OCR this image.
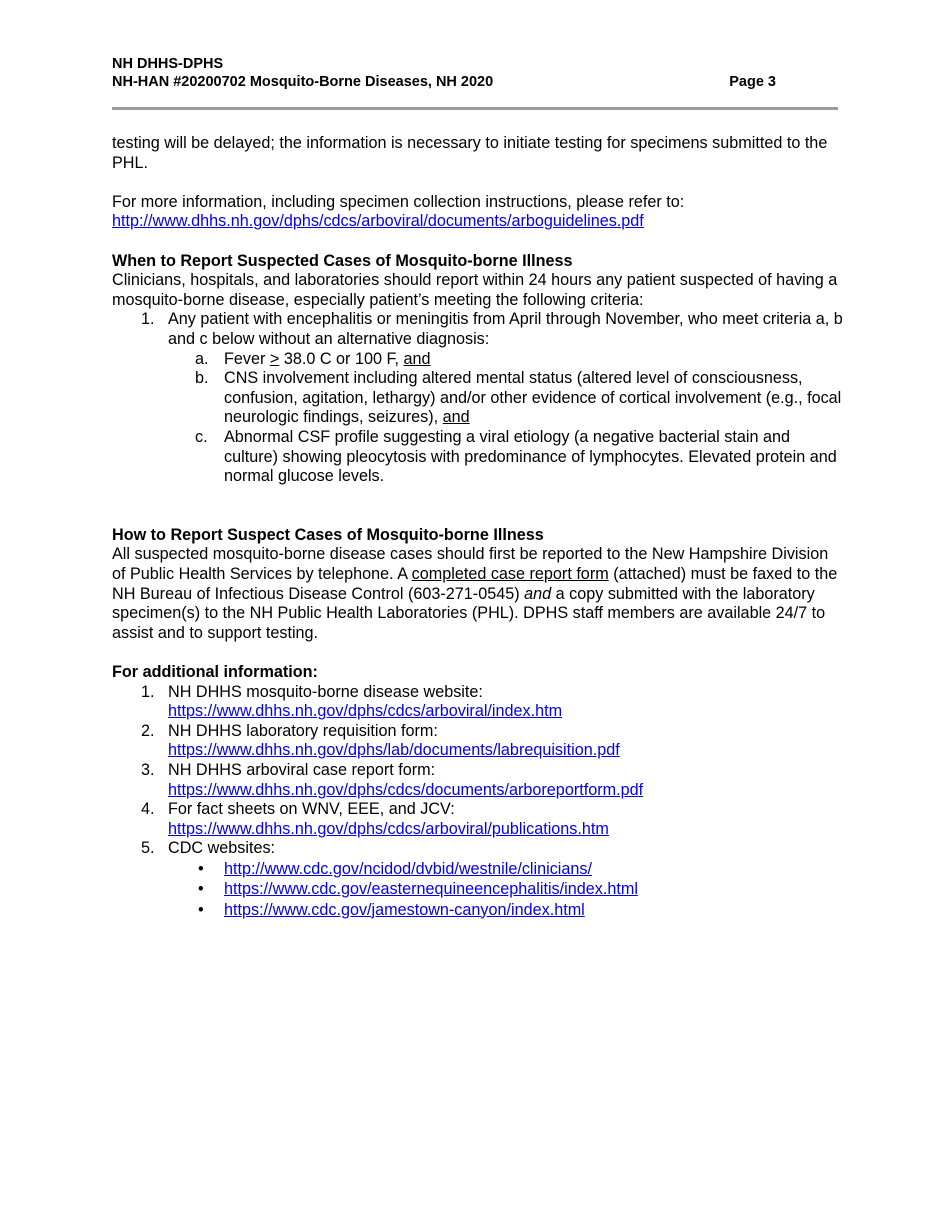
NH DHHS-DPHS
NH-HAN #20200702 Mosquito-Borne Diseases, NH 2020	Page 3

testing will be delayed; the information is necessary to initiate testing for specimens submitted to the PHL.

For more information, including specimen collection instructions, please refer to:

http://www.dhhs.nh.gov/dphs/cdcs/arboviral/documents/arboguidelines.pdf

When to Report Suspected Cases of Mosquito-borne Illness

Clinicians, hospitals, and laboratories should report within 24 hours any patient suspected of having a mosquito-borne disease, especially patient’s meeting the following criteria:

1. Any patient with encephalitis or meningitis from April through November, who meet criteria a, b and c below without an alternative diagnosis:
a. Fever ≥ 38.0 C or 100 F, and
b. CNS involvement including altered mental status (altered level of consciousness, confusion, agitation, lethargy) and/or other evidence of cortical involvement (e.g., focal neurologic findings, seizures), and
c. Abnormal CSF profile suggesting a viral etiology (a negative bacterial stain and culture) showing pleocytosis with predominance of lymphocytes. Elevated protein and normal glucose levels.

How to Report Suspect Cases of Mosquito-borne Illness

All suspected mosquito-borne disease cases should first be reported to the New Hampshire Division of Public Health Services by telephone. A completed case report form (attached) must be faxed to the NH Bureau of Infectious Disease Control (603-271-0545) and a copy submitted with the laboratory specimen(s) to the NH Public Health Laboratories (PHL). DPHS staff members are available 24/7 to assist and to support testing.

For additional information:

1. NH DHHS mosquito-borne disease website:
https://www.dhhs.nh.gov/dphs/cdcs/arboviral/index.htm
2. NH DHHS laboratory requisition form:
https://www.dhhs.nh.gov/dphs/lab/documents/labrequisition.pdf
3. NH DHHS arboviral case report form:
https://www.dhhs.nh.gov/dphs/cdcs/documents/arboreportform.pdf
4. For fact sheets on WNV, EEE, and JCV:
https://www.dhhs.nh.gov/dphs/cdcs/arboviral/publications.htm
5. CDC websites:
• http://www.cdc.gov/ncidod/dvbid/westnile/clinicians/
• https://www.cdc.gov/easternequineencephalitis/index.html
• https://www.cdc.gov/jamestown-canyon/index.html
